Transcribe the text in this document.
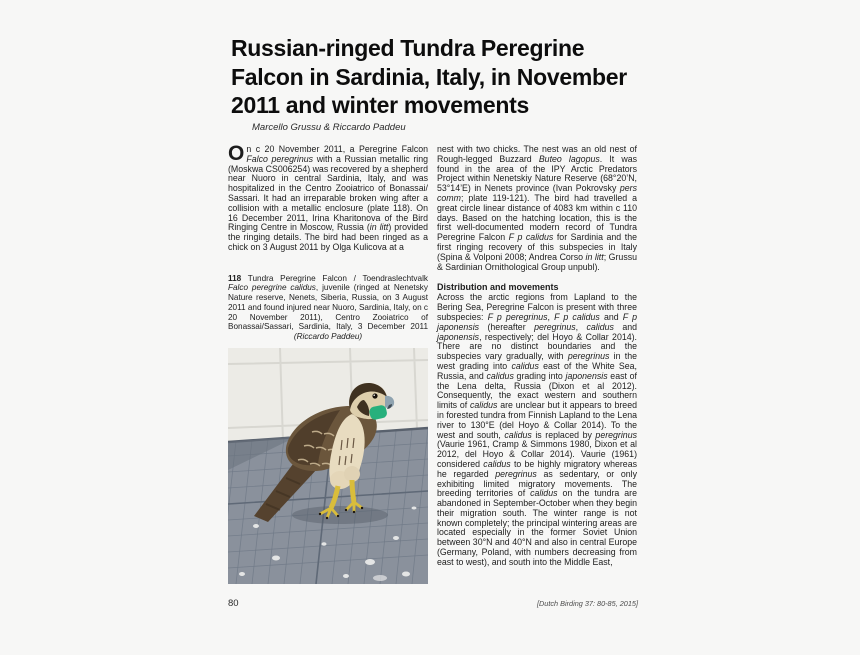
Russian-ringed Tundra Peregrine
Falcon in Sardinia, Italy, in November
2011 and winter movements
Marcello Grussu & Riccardo Paddeu

On c 20 November 2011, a Peregrine Falcon Falco peregrinus with a Russian metallic ring (Moskwa CS006254) was recovered by a shepherd near Nuoro in central Sardinia, Italy, and was hospitalized in the Centro Zooiatrico of Bonassai/ Sassari. It had an irreparable broken wing after a collision with a metallic enclosure (plate 118). On 16 December 2011, Irina Kharitonova of the Bird Ringing Centre in Moscow, Russia (in litt) provided the ringing details. The bird had been ringed as a chick on 3 August 2011 by Olga Kulicova at a

118 Tundra Peregrine Falcon / Toendraslechtvalk Falco peregrine calidus, juvenile (ringed at Nenetsky Nature reserve, Nenets, Siberia, Russia, on 3 August 2011 and found injured near Nuoro, Sardinia, Italy, on c 20 November 2011), Centro Zooiatrico of Bonassai/Sassari, Sardinia, Italy, 3 December 2011 (Riccardo Paddeu)

nest with two chicks. The nest was an old nest of Rough-legged Buzzard Buteo lagopus. It was found in the area of the IPY Arctic Predators Project within Nenetskiy Nature Reserve (68°20’N, 53°14’E) in Nenets province (Ivan Pokrovsky pers comm; plate 119-121). The bird had travelled a great circle linear distance of 4083 km within c 110 days. Based on the hatching location, this is the first well-documented modern record of Tundra Peregrine Falcon F p calidus for Sardinia and the first ringing recovery of this subspecies in Italy (Spina & Volponi 2008; Andrea Corso in litt; Grussu & Sardinian Ornithological Group unpubl).

Distribution and movements

Across the arctic regions from Lapland to the Bering Sea, Peregrine Falcon is present with three subspecies: F p peregrinus, F p calidus and F p japonensis (hereafter peregrinus, calidus and japonensis, respectively; del Hoyo & Collar 2014). There are no distinct boundaries and the subspecies vary gradually, with peregrinus in the west grading into calidus east of the White Sea, Russia, and calidus grading into japonensis east of the Lena delta, Russia (Dixon et al 2012). Consequently, the exact western and southern limits of calidus are unclear but it appears to breed in forested tundra from Finnish Lapland to the Lena river to 130°E (del Hoyo & Collar 2014). To the west and south, calidus is replaced by peregrinus (Vaurie 1961, Cramp & Simmons 1980, Dixon et al 2012, del Hoyo & Collar 2014). Vaurie (1961) considered calidus to be highly migratory whereas he regarded peregrinus as sedentary, or only exhibiting limited migratory movements. The breeding territories of calidus on the tundra are abandoned in September-October when they begin their migration south. The winter range is not known completely; the principal wintering areas are located especially in the former Soviet Union between 30°N and 40°N and also in central Europe (Germany, Poland, with numbers decreasing from east to west), and south into the Middle East,

80	[Dutch Birding 37: 80-85, 2015]
